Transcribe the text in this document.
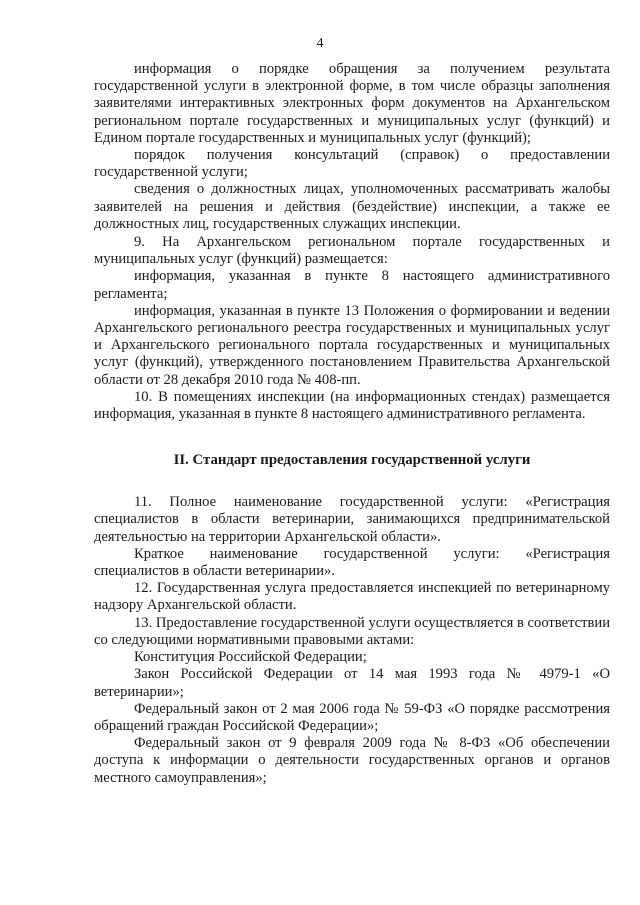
4

информация о порядке обращения за получением результата государственной услуги в электронной форме, в том числе образцы заполнения заявителями интерактивных электронных форм документов на Архангельском региональном портале государственных и муниципальных услуг (функций) и Едином портале государственных и муниципальных услуг (функций);

порядок получения консультаций (справок) о предоставлении государственной услуги;

сведения о должностных лицах, уполномоченных рассматривать жалобы заявителей на решения и действия (бездействие) инспекции, а также ее должностных лиц, государственных служащих инспекции.

9. На Архангельском региональном портале государственных и муниципальных услуг (функций) размещается:

информация, указанная в пункте 8 настоящего административного регламента;

информация, указанная в пункте 13 Положения о формировании и ведении Архангельского регионального реестра государственных и муниципальных услуг и Архангельского регионального портала государственных и муниципальных услуг (функций), утвержденного постановлением Правительства Архангельской области от 28 декабря 2010 года № 408-пп.

10. В помещениях инспекции (на информационных стендах) размещается информация, указанная в пункте 8 настоящего административного регламента.

II. Стандарт предоставления государственной услуги

11. Полное наименование государственной услуги: «Регистрация специалистов в области ветеринарии, занимающихся предпринимательской деятельностью на территории Архангельской области».

Краткое наименование государственной услуги: «Регистрация специалистов в области ветеринарии».

12. Государственная услуга предоставляется инспекцией по ветеринарному надзору Архангельской области.

13. Предоставление государственной услуги осуществляется в соответствии со следующими нормативными правовыми актами:

Конституция Российской Федерации;

Закон Российской Федерации от 14 мая 1993 года № 4979-1 «О ветеринарии»;

Федеральный закон от 2 мая 2006 года № 59-ФЗ «О порядке рассмотрения обращений граждан Российской Федерации»;

Федеральный закон от 9 февраля 2009 года № 8-ФЗ «Об обеспечении доступа к информации о деятельности государственных органов и органов местного самоуправления»;
